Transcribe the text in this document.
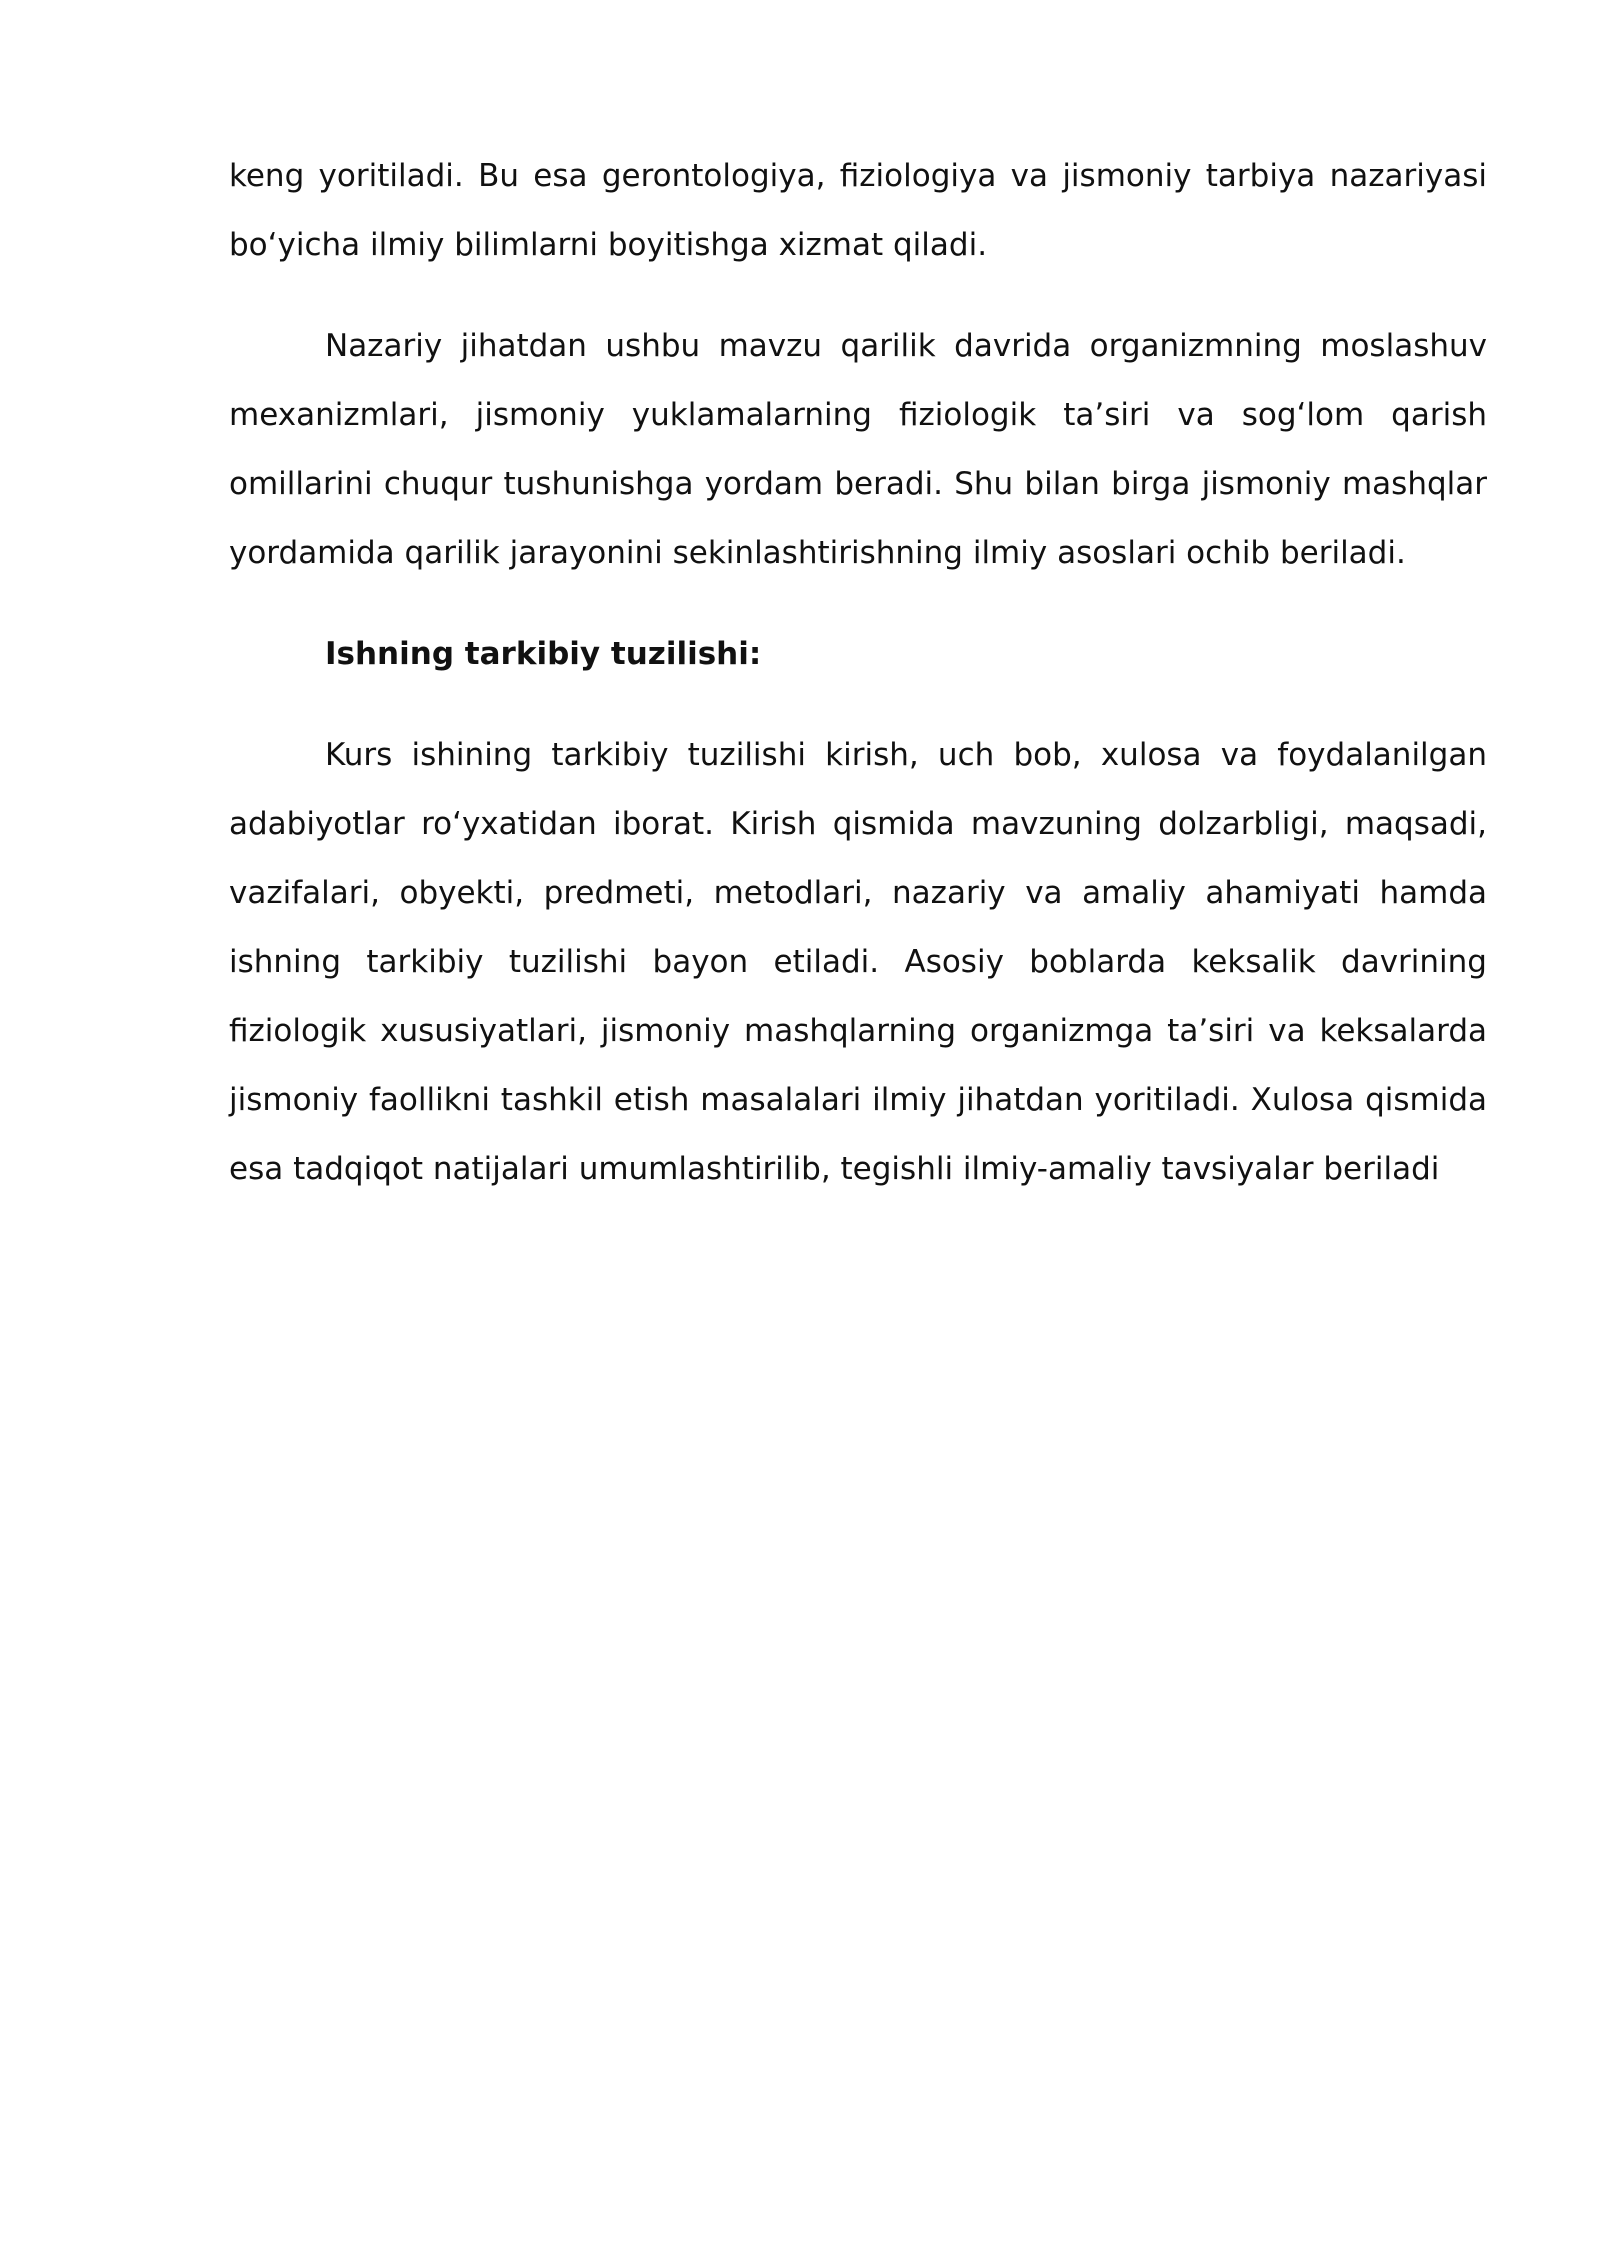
keng yoritiladi. Bu esa gerontologiya, fiziologiya va jismoniy tarbiya nazariyasi bo‘yicha ilmiy bilimlarni boyitishga xizmat qiladi.

Nazariy jihatdan ushbu mavzu qarilik davrida organizmning moslashuv mexanizmlari, jismoniy yuklamalarning fiziologik ta’siri va sog‘lom qarish omillarini chuqur tushunishga yordam beradi. Shu bilan birga jismoniy mashqlar yordamida qarilik jarayonini sekinlashtirishning ilmiy asoslari ochib beriladi.

Ishning tarkibiy tuzilishi:

Kurs ishining tarkibiy tuzilishi kirish, uch bob, xulosa va foydalanilgan adabiyotlar ro‘yxatidan iborat. Kirish qismida mavzuning dolzarbligi, maqsadi, vazifalari, obyekti, predmeti, metodlari, nazariy va amaliy ahamiyati hamda ishning tarkibiy tuzilishi bayon etiladi. Asosiy boblarda keksalik davrining fiziologik xususiyatlari, jismoniy mashqlarning organizmga ta’siri va keksalarda jismoniy faollikni tashkil etish masalalari ilmiy jihatdan yoritiladi. Xulosa qismida esa tadqiqot natijalari umumlashtirilib, tegishli ilmiy-amaliy tavsiyalar beriladi
